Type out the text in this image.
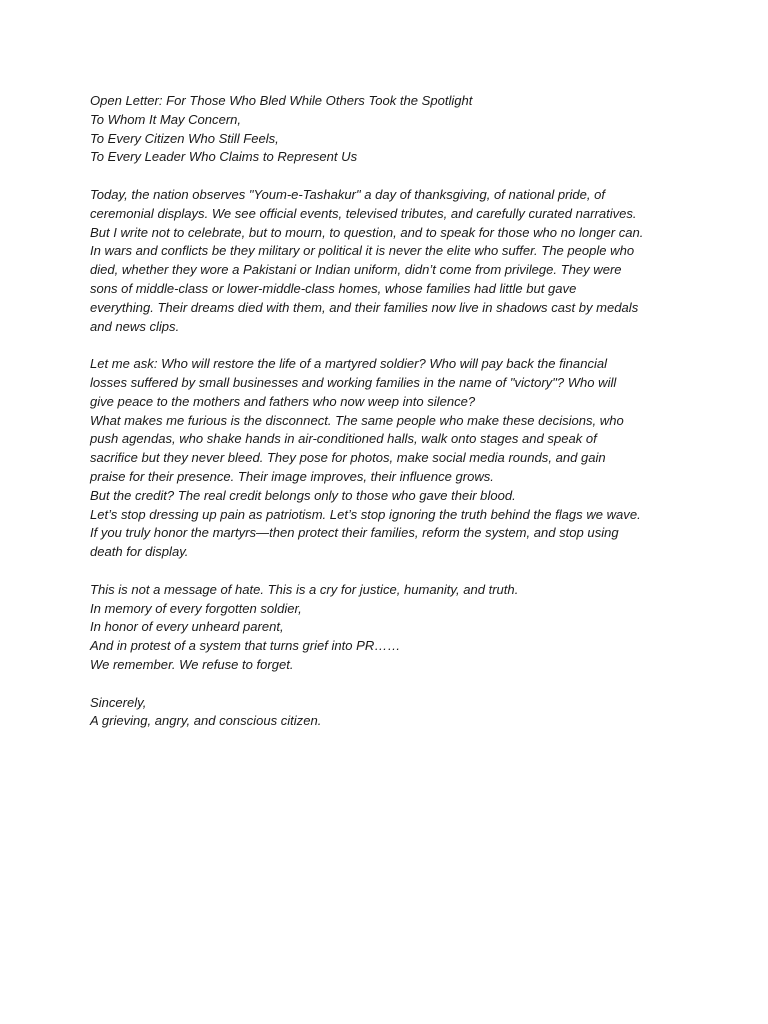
Open Letter: For Those Who Bled While Others Took the Spotlight
To Whom It May Concern,
To Every Citizen Who Still Feels,
To Every Leader Who Claims to Represent Us
Today, the nation observes "Youm-e-Tashakur" a day of thanksgiving, of national pride, of
ceremonial displays. We see official events, televised tributes, and carefully curated narratives.
But I write not to celebrate, but to mourn, to question, and to speak for those who no longer can.
In wars and conflicts be they military or political it is never the elite who suffer. The people who
died, whether they wore a Pakistani or Indian uniform, didn’t come from privilege. They were
sons of middle-class or lower-middle-class homes, whose families had little but gave
everything. Their dreams died with them, and their families now live in shadows cast by medals
and news clips.
Let me ask: Who will restore the life of a martyred soldier? Who will pay back the financial
losses suffered by small businesses and working families in the name of "victory"? Who will
give peace to the mothers and fathers who now weep into silence?
What makes me furious is the disconnect. The same people who make these decisions, who
push agendas, who shake hands in air-conditioned halls, walk onto stages and speak of
sacrifice but they never bleed. They pose for photos, make social media rounds, and gain
praise for their presence. Their image improves, their influence grows.
But the credit? The real credit belongs only to those who gave their blood.
Let’s stop dressing up pain as patriotism. Let’s stop ignoring the truth behind the flags we wave.
If you truly honor the martyrs—then protect their families, reform the system, and stop using
death for display.
This is not a message of hate. This is a cry for justice, humanity, and truth.
In memory of every forgotten soldier,
In honor of every unheard parent,
And in protest of a system that turns grief into PR……
We remember. We refuse to forget.
Sincerely,
A grieving, angry, and conscious citizen.
